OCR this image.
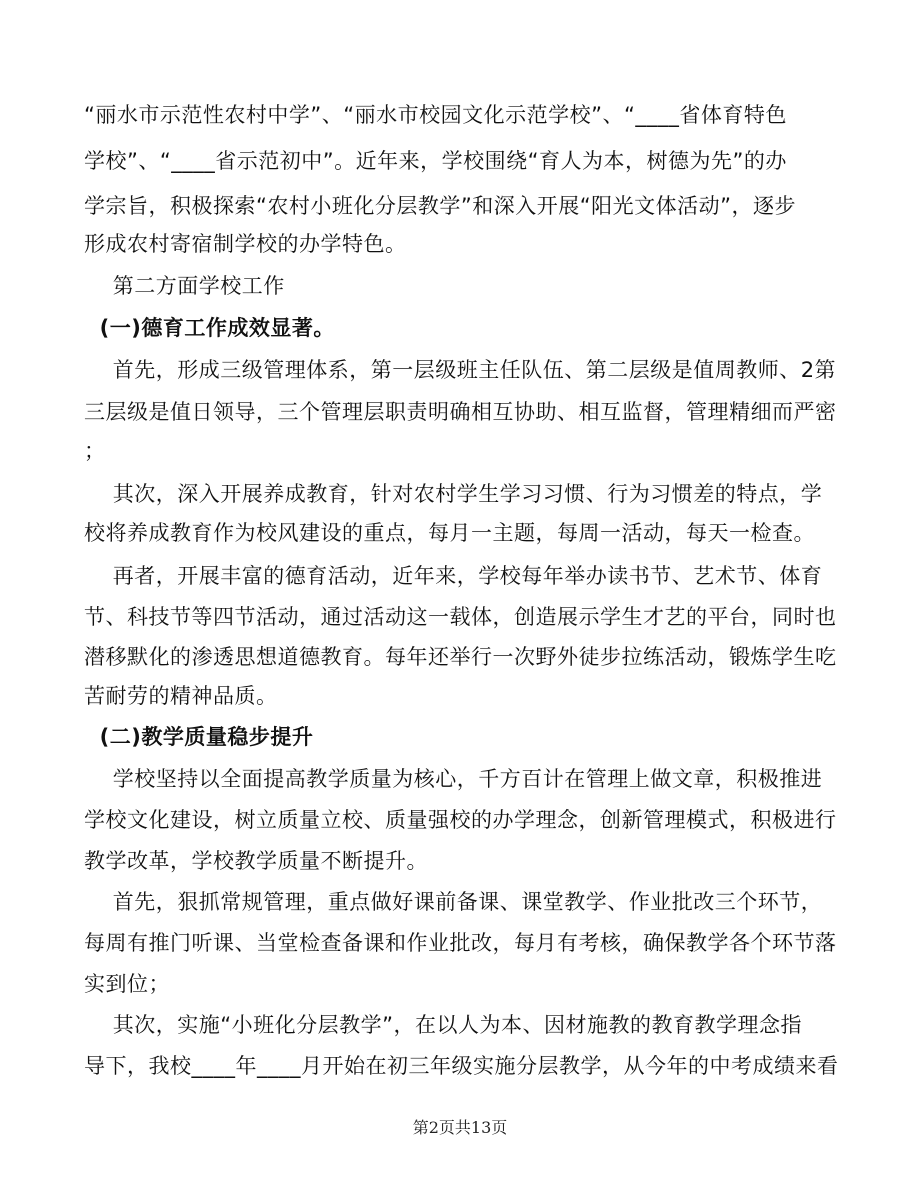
“丽水市示范性农村中学”、“丽水市校园文化示范学校”、“____省体育特色
学校”、“____省示范初中”。近年来，学校围绕“育人为本，树德为先”的办
学宗旨，积极探索“农村小班化分层教学”和深入开展“阳光文体活动”，逐步
形成农村寄宿制学校的办学特色。
第二方面学校工作
(一)德育工作成效显著。
首先，形成三级管理体系，第一层级班主任队伍、第二层级是值周教师、2第
三层级是值日领导，三个管理层职责明确相互协助、相互监督，管理精细而严密
；
其次，深入开展养成教育，针对农村学生学习习惯、行为习惯差的特点，学
校将养成教育作为校风建设的重点，每月一主题，每周一活动，每天一检查。
再者，开展丰富的德育活动，近年来，学校每年举办读书节、艺术节、体育
节、科技节等四节活动，通过活动这一载体，创造展示学生才艺的平台，同时也
潜移默化的渗透思想道德教育。每年还举行一次野外徒步拉练活动，锻炼学生吃
苦耐劳的精神品质。
(二)教学质量稳步提升
学校坚持以全面提高教学质量为核心，千方百计在管理上做文章，积极推进
学校文化建设，树立质量立校、质量强校的办学理念，创新管理模式，积极进行
教学改革，学校教学质量不断提升。
首先，狠抓常规管理，重点做好课前备课、课堂教学、作业批改三个环节，
每周有推门听课、当堂检查备课和作业批改，每月有考核，确保教学各个环节落
实到位；
其次，实施“小班化分层教学”，在以人为本、因材施教的教育教学理念指
导下，我校____年____月开始在初三年级实施分层教学，从今年的中考成绩来看
第2页共13页
